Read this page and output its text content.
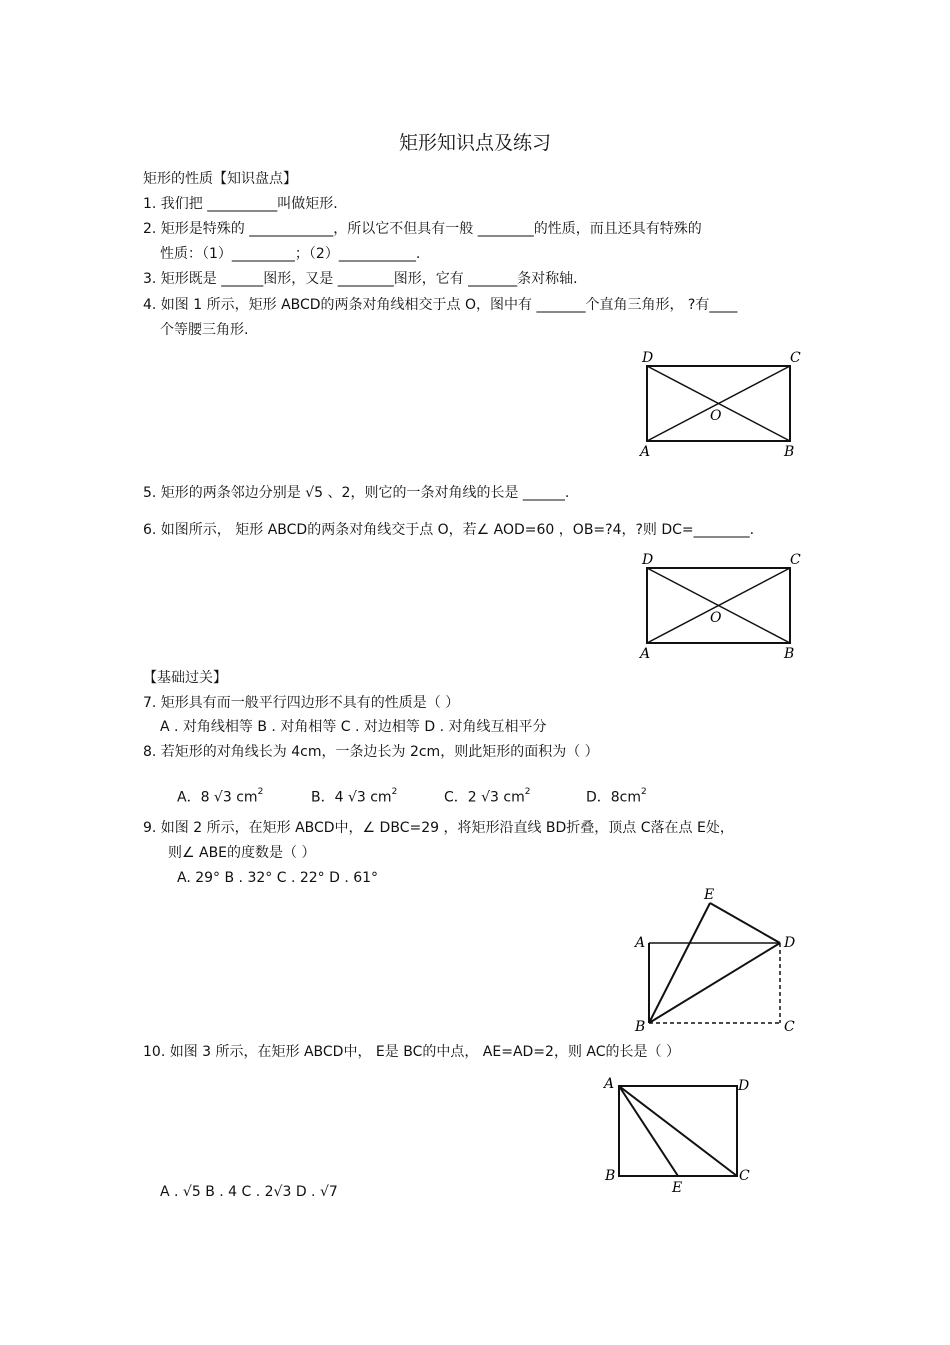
矩形知识点及练习
矩形的性质【知识盘点】
1. 我们把 __________叫做矩形.
2. 矩形是特殊的 ____________，所以它不但具有一般 ________的性质，而且还具有特殊的
性质：（1）_________；（2）___________.
3. 矩形既是 ______图形，又是 ________图形，它有 _______条对称轴.
4. 如图 1 所示，矩形 ABCD的两条对角线相交于点 O，图中有 _______个直角三角形， ?有____
个等腰三角形.
D	C
A	B
O
5. 矩形的两条邻边分别是 √5 、2，则它的一条对角线的长是 ______.
6. 如图所示， 矩形 ABCD的两条对角线交于点 O，若∠ AOD=60 ，OB=?4，?则 DC=________.
D	C
A	B
O
【基础过关】
7. 矩形具有而一般平行四边形不具有的性质是（ ）
A . 对角线相等 B . 对角相等 C . 对边相等 D . 对角线互相平分
8. 若矩形的对角线长为 4cm，一条边长为 2cm，则此矩形的面积为（ ）
A．8 √3 $cm^2$	B．4 √3 $cm^2$	C．2 √3 $cm^2$	D．$8cm^2$
9. 如图 2 所示，在矩形 ABCD中，∠ DBC=29 ，将矩形沿直线 BD折叠，顶点 C落在点 E处，
则∠ ABE的度数是（ ）
A. 29° B . 32° C . 22° D . 61°
E
A	D
B	C
10. 如图 3 所示，在矩形 ABCD中， E是 BC的中点， AE=AD=2，则 AC的长是（ ）
A	D
B	C
E
A . √5 B . 4 C . 2√3 D . √7
